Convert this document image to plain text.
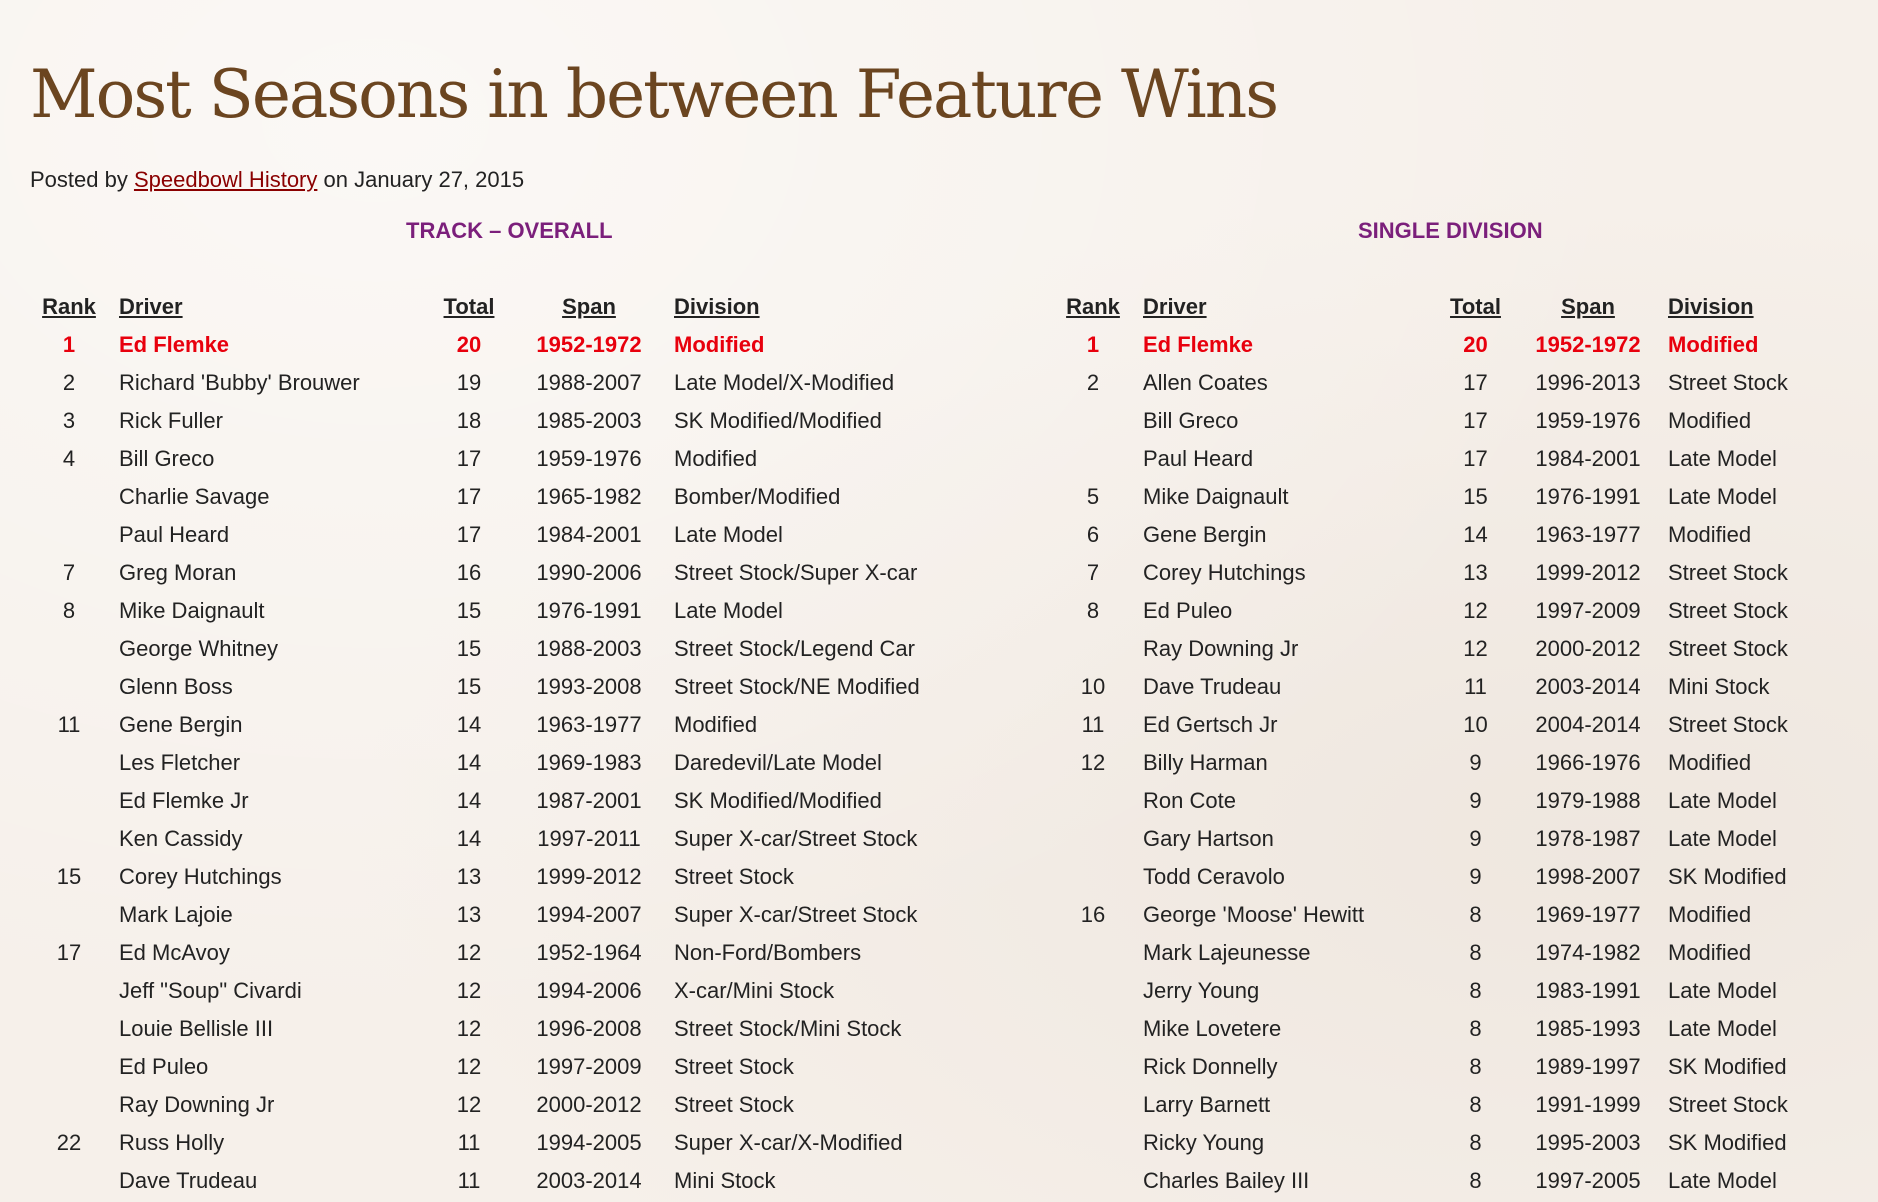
Most Seasons in between Feature Wins
Posted by Speedbowl History on January 27, 2015
TRACK – OVERALL	SINGLE DIVISION
Rank		Driver	Total	Span	Division
1		Ed Flemke	20	1952-1972	Modified
2		Richard 'Bubby' Brouwer	19	1988-2007	Late Model/X-Modified
3		Rick Fuller	18	1985-2003	SK Modified/Modified
4		Bill Greco	17	1959-1976	Modified
		Charlie Savage	17	1965-1982	Bomber/Modified
		Paul Heard	17	1984-2001	Late Model
7		Greg Moran	16	1990-2006	Street Stock/Super X-car
8		Mike Daignault	15	1976-1991	Late Model
		George Whitney	15	1988-2003	Street Stock/Legend Car
		Glenn Boss	15	1993-2008	Street Stock/NE Modified
11		Gene Bergin	14	1963-1977	Modified
		Les Fletcher	14	1969-1983	Daredevil/Late Model
		Ed Flemke Jr	14	1987-2001	SK Modified/Modified
		Ken Cassidy	14	1997-2011	Super X-car/Street Stock
15		Corey Hutchings	13	1999-2012	Street Stock
		Mark Lajoie	13	1994-2007	Super X-car/Street Stock
17		Ed McAvoy	12	1952-1964	Non-Ford/Bombers
		Jeff "Soup" Civardi	12	1994-2006	X-car/Mini Stock
		Louie Bellisle III	12	1996-2008	Street Stock/Mini Stock
		Ed Puleo	12	1997-2009	Street Stock
		Ray Downing Jr	12	2000-2012	Street Stock
22		Russ Holly	11	1994-2005	Super X-car/X-Modified
		Dave Trudeau	11	2003-2014	Mini Stock
Rank		Driver	Total	Span	Division
1		Ed Flemke	20	1952-1972	Modified
2		Allen Coates	17	1996-2013	Street Stock
		Bill Greco	17	1959-1976	Modified
		Paul Heard	17	1984-2001	Late Model
5		Mike Daignault	15	1976-1991	Late Model
6		Gene Bergin	14	1963-1977	Modified
7		Corey Hutchings	13	1999-2012	Street Stock
8		Ed Puleo	12	1997-2009	Street Stock
		Ray Downing Jr	12	2000-2012	Street Stock
10		Dave Trudeau	11	2003-2014	Mini Stock
11		Ed Gertsch Jr	10	2004-2014	Street Stock
12		Billy Harman	9	1966-1976	Modified
		Ron Cote	9	1979-1988	Late Model
		Gary Hartson	9	1978-1987	Late Model
		Todd Ceravolo	9	1998-2007	SK Modified
16		George 'Moose' Hewitt	8	1969-1977	Modified
		Mark Lajeunesse	8	1974-1982	Modified
		Jerry Young	8	1983-1991	Late Model
		Mike Lovetere	8	1985-1993	Late Model
		Rick Donnelly	8	1989-1997	SK Modified
		Larry Barnett	8	1991-1999	Street Stock
		Ricky Young	8	1995-2003	SK Modified
		Charles Bailey III	8	1997-2005	Late Model
